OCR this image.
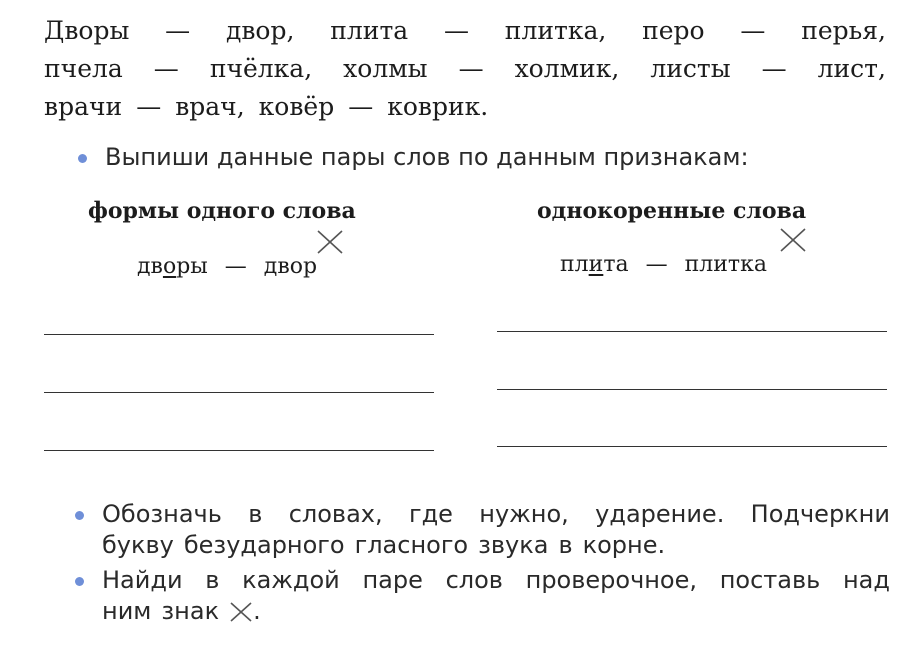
Дворы — двор, плита — плитка, перо — перья,
пчела — пчёлка, холмы — холмик, листы — лист,
врачи — врач, ковёр — коврик.
Выпиши данные пары слов по данным признакам:
формы одного слова	однокоренные слова
дворы — двор	плита — плитка
Обозначь в словах, где нужно, ударение. Подчеркни
букву безударного гласного звука в корне.
Найди в каждой паре слов проверочное, поставь над
ним знак .
